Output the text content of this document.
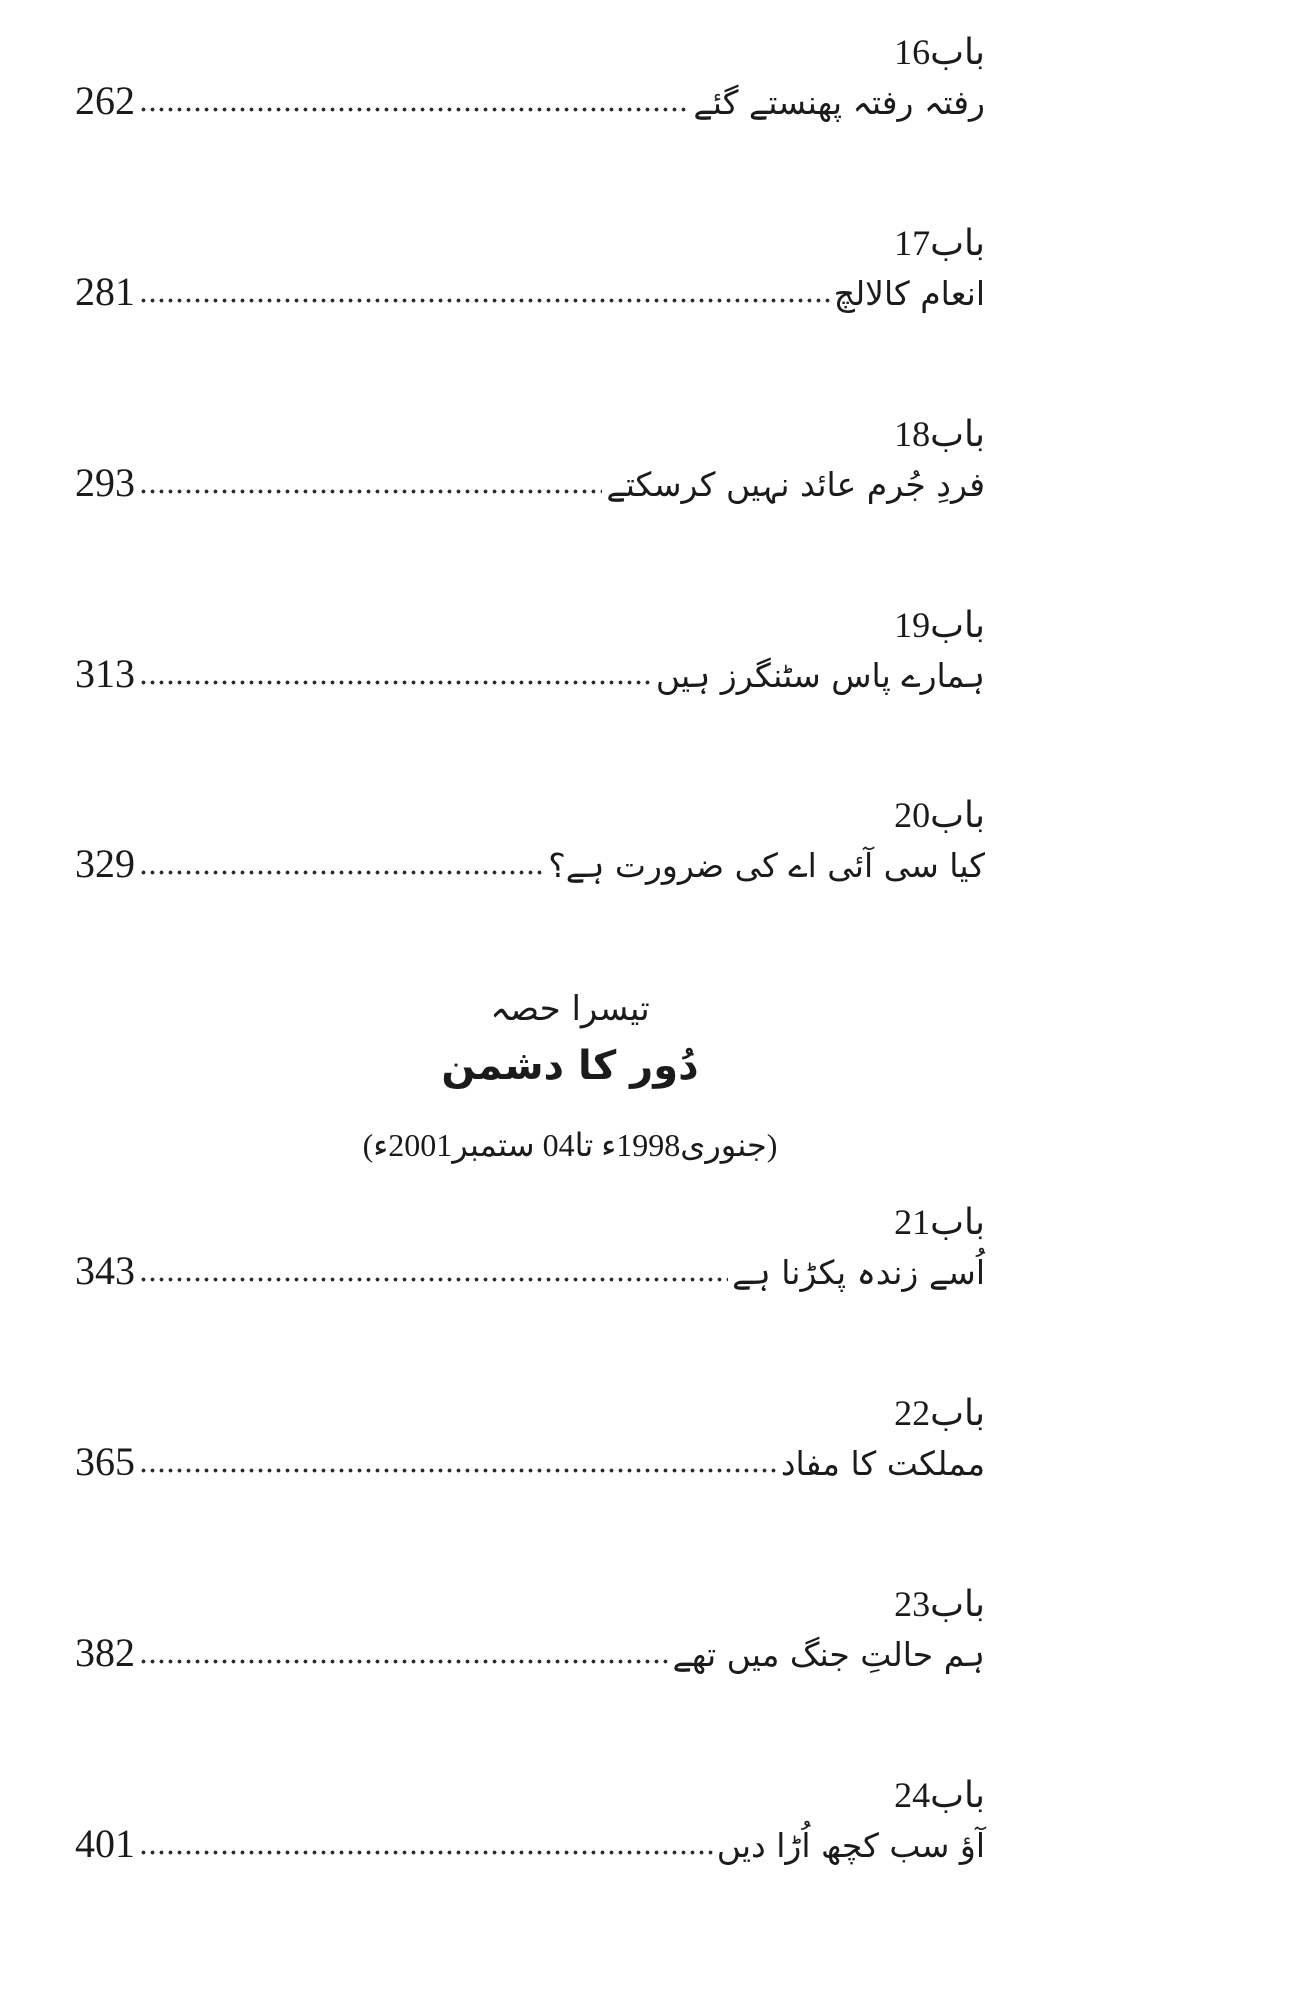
باب16
رفتہ رفتہ پھنستے گئے
262
باب17
انعام کالالچ
281
باب18
فردِ جُرم عائد نہیں کرسکتے
293
باب19
ہمارے پاس سٹنگرز ہیں
313
باب20
کیا سی آئی اے کی ضرورت ہے؟
329
تیسرا حصہ
دُور کا دشمن
(جنوری1998ء تا04 ستمبر2001ء)
باب21
اُسے زندہ پکڑنا ہے
343
باب22
مملکت کا مفاد
365
باب23
ہم حالتِ جنگ میں تھے
382
باب24
آؤ سب کچھ اُڑا دیں
401
